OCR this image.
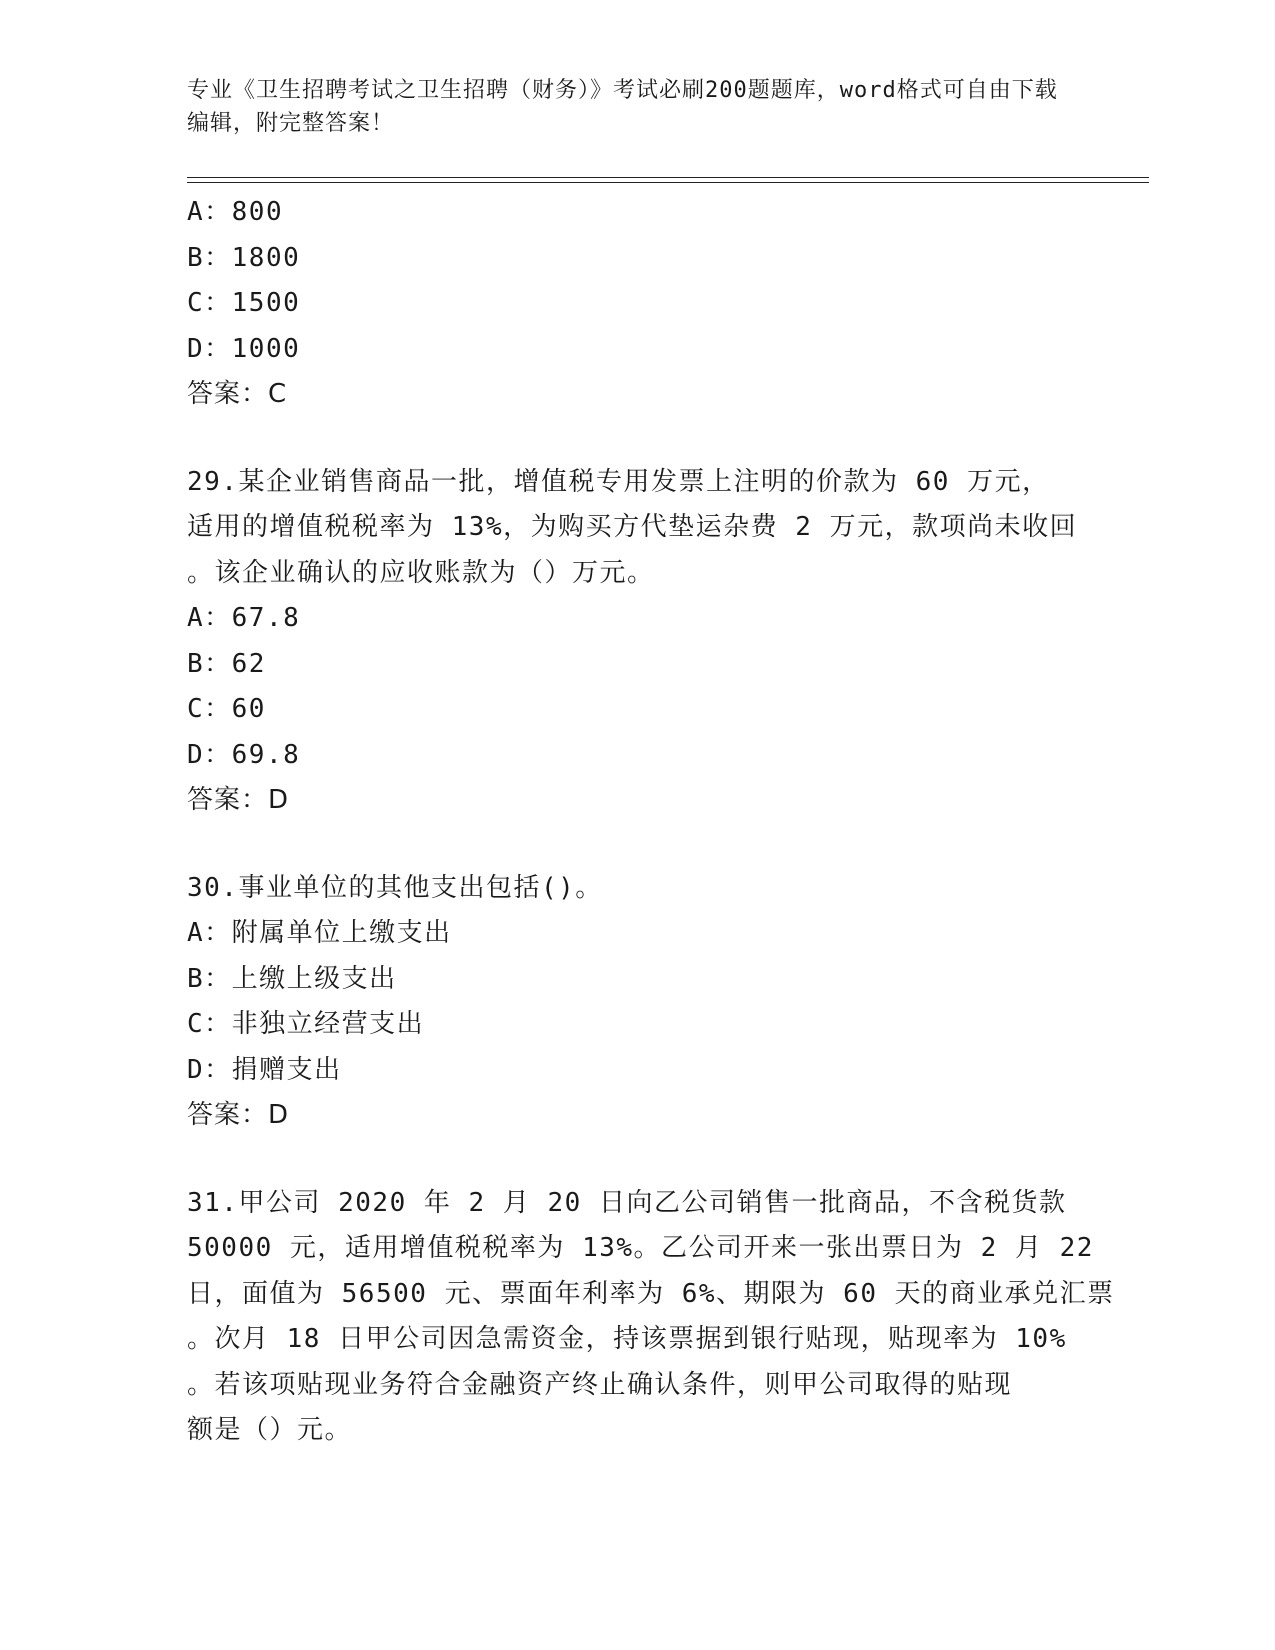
专业《卫生招聘考试之卫生招聘（财务）》考试必刷200题题库，word格式可自由下载编辑，附完整答案！
A：800
B：1800
C：1500
D：1000
答案：C
29.某企业销售商品一批，增值税专用发票上注明的价款为 60 万元，
适用的增值税税率为 13%，为购买方代垫运杂费 2 万元，款项尚未收回
。该企业确认的应收账款为（）万元。
A：67.8
B：62
C：60
D：69.8
答案：D
30.事业单位的其他支出包括()。
A：附属单位上缴支出
B：上缴上级支出
C：非独立经营支出
D：捐赠支出
答案：D
31.甲公司 2020 年 2 月 20 日向乙公司销售一批商品，不含税货款
50000 元，适用增值税税率为 13%。乙公司开来一张出票日为 2 月 22
日，面值为 56500 元、票面年利率为 6%、期限为 60 天的商业承兑汇票
。次月 18 日甲公司因急需资金，持该票据到银行贴现，贴现率为 10%
。若该项贴现业务符合金融资产终止确认条件，则甲公司取得的贴现
额是（）元。
